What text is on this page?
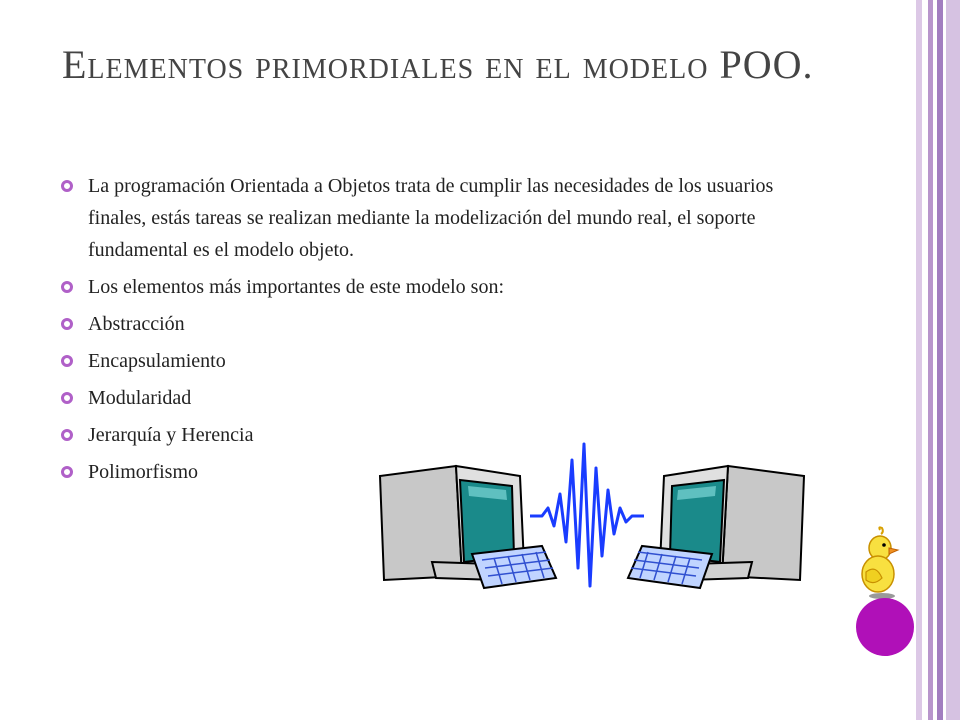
Elementos primordiales en el modelo POO.
La programación Orientada a Objetos trata de cumplir las necesidades de los usuarios finales, estás tareas se realizan mediante la modelización del mundo real, el soporte fundamental es el modelo objeto.
Los elementos más importantes de este modelo son:
Abstracción
Encapsulamiento
Modularidad
Jerarquía y Herencia
Polimorfismo
